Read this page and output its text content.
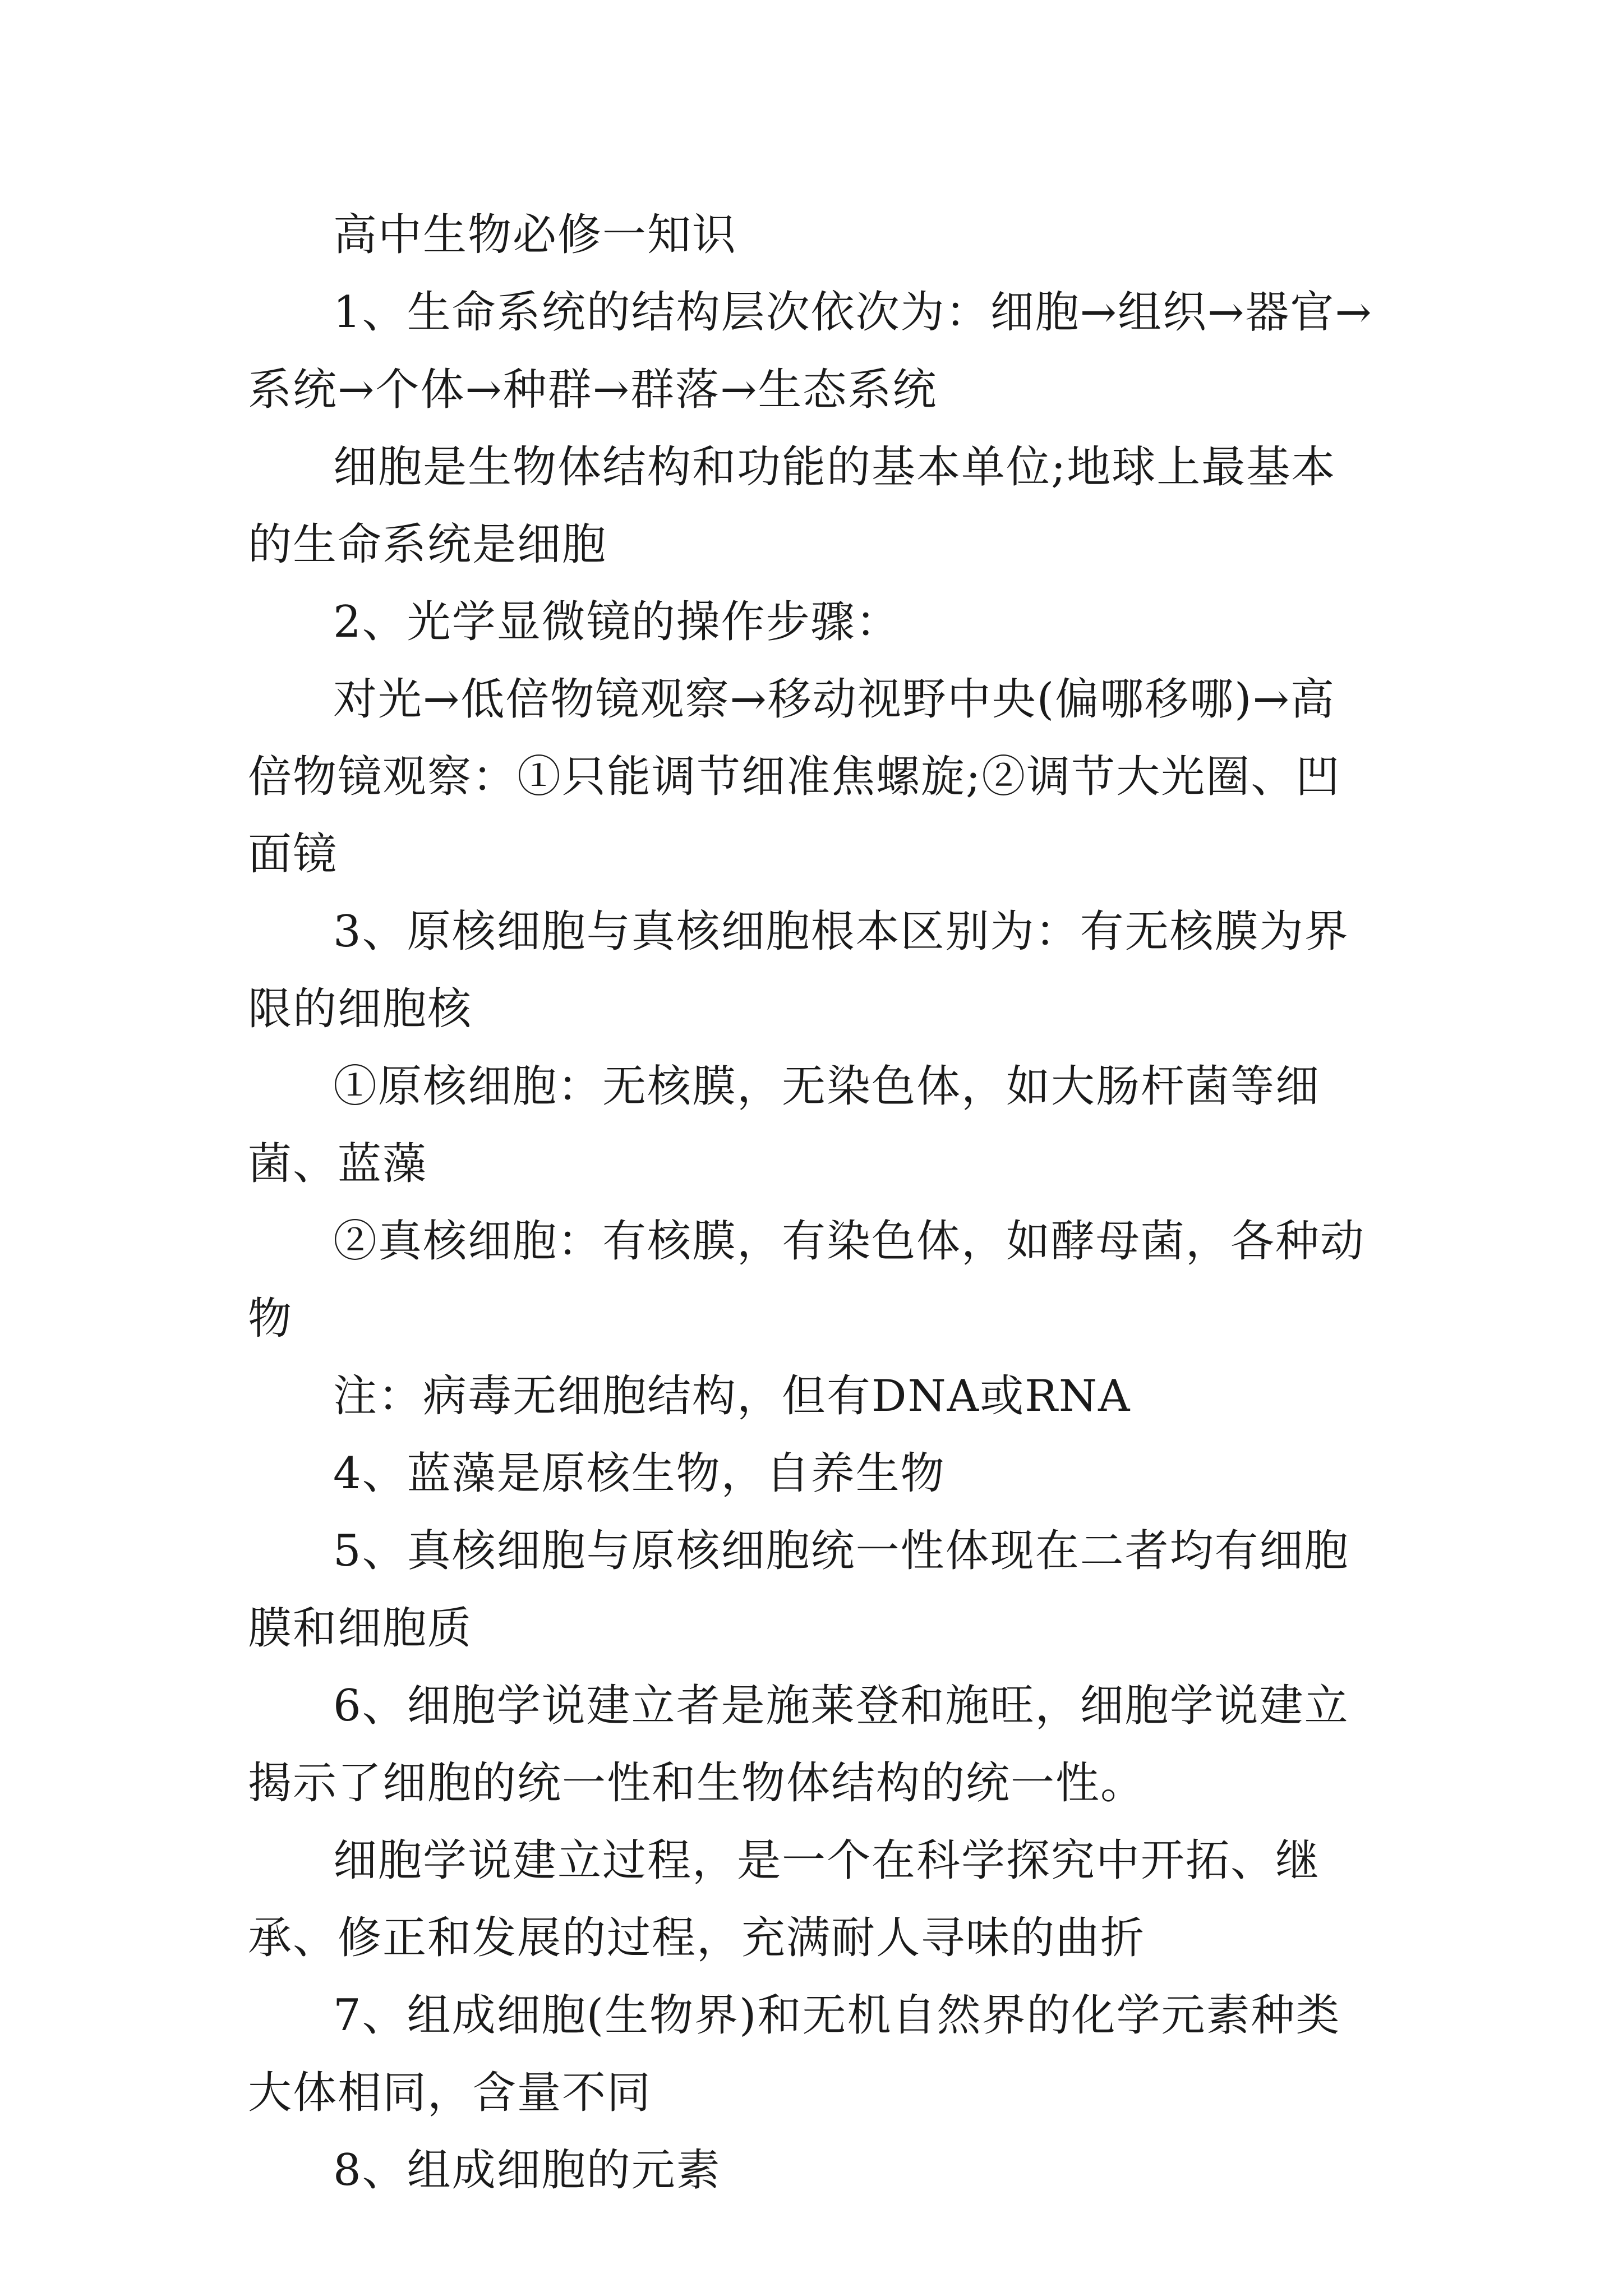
高中生物必修一知识

1、生命系统的结构层次依次为：细胞→组织→器官→系统→个体→种群→群落→生态系统

细胞是生物体结构和功能的基本单位;地球上最基本的生命系统是细胞

2、光学显微镜的操作步骤：

对光→低倍物镜观察→移动视野中央(偏哪移哪)→高倍物镜观察：①只能调节细准焦螺旋;②调节大光圈、凹面镜

3、原核细胞与真核细胞根本区别为：有无核膜为界限的细胞核

①原核细胞：无核膜，无染色体，如大肠杆菌等细菌、蓝藻

②真核细胞：有核膜，有染色体，如酵母菌，各种动物

注：病毒无细胞结构，但有DNA或RNA

4、蓝藻是原核生物，自养生物

5、真核细胞与原核细胞统一性体现在二者均有细胞膜和细胞质

6、细胞学说建立者是施莱登和施旺，细胞学说建立揭示了细胞的统一性和生物体结构的统一性。

细胞学说建立过程，是一个在科学探究中开拓、继承、修正和发展的过程，充满耐人寻味的曲折

7、组成细胞(生物界)和无机自然界的化学元素种类大体相同，含量不同

8、组成细胞的元素
